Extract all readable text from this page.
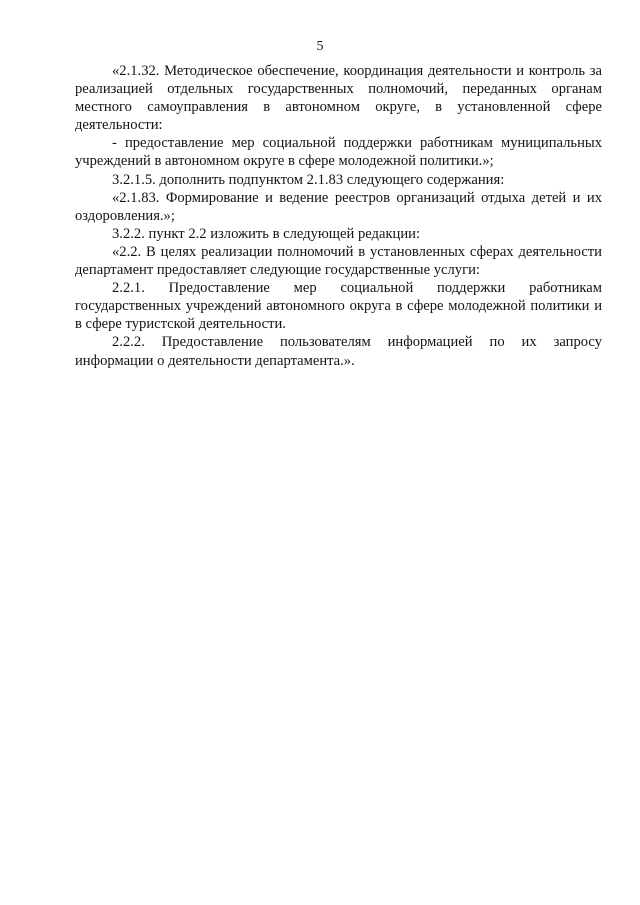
5

«2.1.32. Методическое обеспечение, координация деятельности и контроль за реализацией отдельных государственных полномочий, переданных органам местного самоуправления в автономном округе, в установленной сфере деятельности:

- предоставление мер социальной поддержки работникам муниципальных учреждений в автономном округе в сфере молодежной политики.»;

3.2.1.5. дополнить подпунктом 2.1.83 следующего содержания:

«2.1.83. Формирование и ведение реестров организаций отдыха детей и их оздоровления.»;

3.2.2. пункт 2.2 изложить в следующей редакции:

«2.2. В целях реализации полномочий в установленных сферах деятельности департамент предоставляет следующие государственные услуги:

2.2.1. Предоставление мер социальной поддержки работникам государственных учреждений автономного округа в сфере молодежной политики и в сфере туристской деятельности.

2.2.2. Предоставление пользователям информацией по их запросу информации о деятельности департамента.».
